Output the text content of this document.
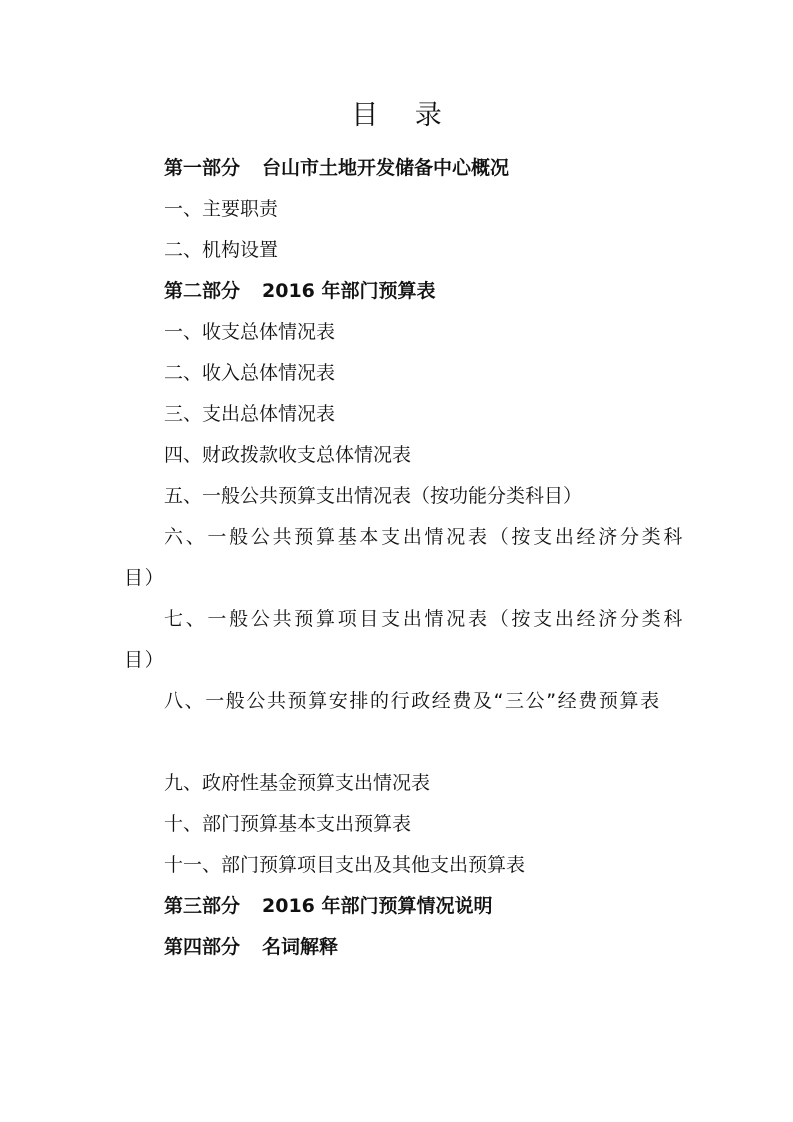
目 录
第一部分 台山市土地开发储备中心概况
一、主要职责
二、机构设置
第二部分 2016 年部门预算表
一、收支总体情况表
二、收入总体情况表
三、支出总体情况表
四、财政拨款收支总体情况表
五、一般公共预算支出情况表（按功能分类科目）
六、一般公共预算基本支出情况表（按支出经济分类科目）
七、一般公共预算项目支出情况表（按支出经济分类科目）
八、一般公共预算安排的行政经费及“三公”经费预算表
九、政府性基金预算支出情况表
十、部门预算基本支出预算表
十一、部门预算项目支出及其他支出预算表
第三部分 2016 年部门预算情况说明
第四部分 名词解释
